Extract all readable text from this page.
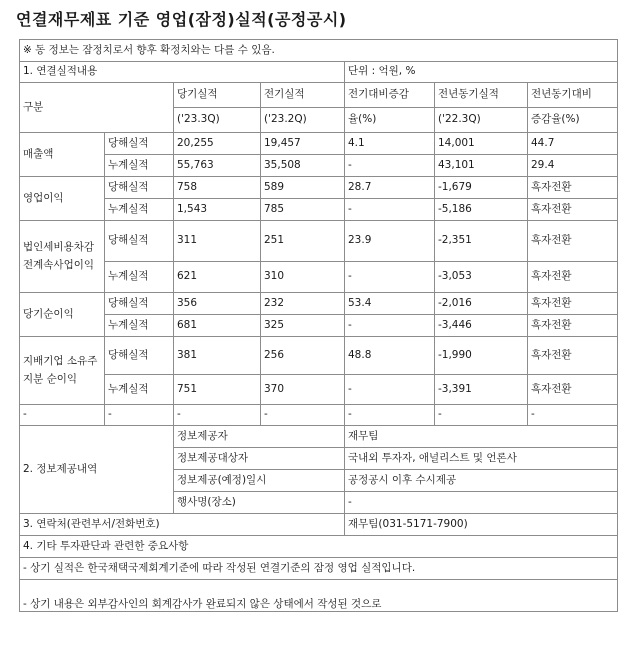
연결재무제표 기준 영업(잠정)실적(공정공시)
※ 동 정보는 잠정치로서 향후 확정치와는 다를 수 있음.						
1. 연결실적내용				단위 : 억원, %		
구분		당기실적	전기실적	전기대비증감	전년동기실적	전년동기대비
		('23.3Q)	('23.2Q)	율(%)	('22.3Q)	증감율(%)
매출액	당해실적	20,255	19,457	4.1	14,001	44.7
	누계실적	55,763	35,508	-	43,101	29.4
영업이익	당해실적	758	589	28.7	-1,679	흑자전환
	누계실적	1,543	785	-	-5,186	흑자전환
법인세비용차감전계속사업이익	당해실적	311	251	23.9	-2,351	흑자전환
	누계실적	621	310	-	-3,053	흑자전환
당기순이익	당해실적	356	232	53.4	-2,016	흑자전환
	누계실적	681	325	-	-3,446	흑자전환
지배기업 소유주지분 순이익	당해실적	381	256	48.8	-1,990	흑자전환
	누계실적	751	370	-	-3,391	흑자전환
-	-	-	-	-	-	-
2. 정보제공내역		정보제공자		재무팀		
		정보제공대상자		국내외 투자자, 애널리스트 및 언론사		
		정보제공(예정)일시		공정공시 이후 수시제공		
		행사명(장소)		-		
3. 연락처(관련부서/전화번호)				재무팀(031-5171-7900)		
4. 기타 투자판단과 관련한 중요사항						
- 상기 실적은 한국채택국제회계기준에 따라 작성된 연결기준의 잠정 영업 실적입니다.						
- 상기 내용은 외부감사인의 회계감사가 완료되지 않은 상태에서 작성된 것으로						
